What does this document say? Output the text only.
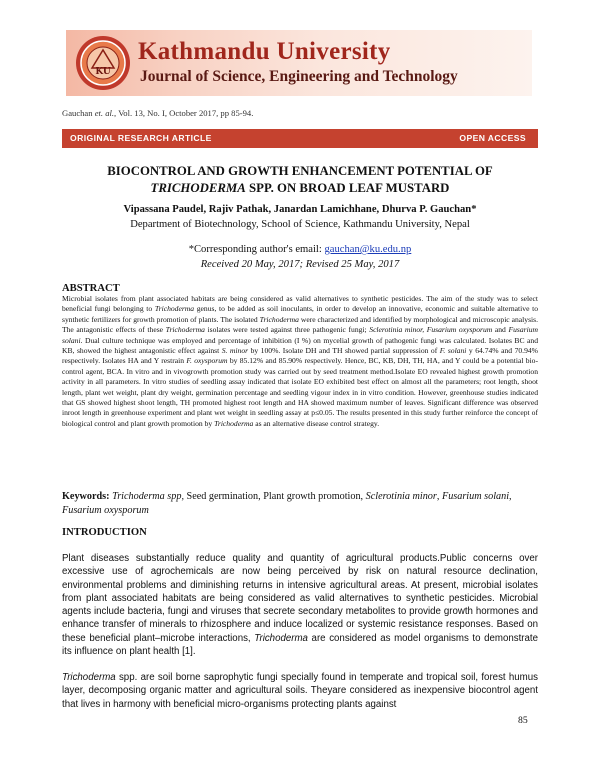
KU
Kathmandu University
Journal of Science, Engineering and Technology
Gauchan et. al., Vol. 13, No. I, October 2017, pp 85-94.
ORIGINAL RESEARCH ARTICLE	OPEN ACCESS
BIOCONTROL AND GROWTH ENHANCEMENT POTENTIAL OF
TRICHODERMA SPP. ON BROAD LEAF MUSTARD
Vipassana Paudel, Rajiv Pathak, Janardan Lamichhane, Dhurva P. Gauchan*
Department of Biotechnology, School of Science, Kathmandu University, Nepal
*Corresponding author's email: gauchan@ku.edu.np
Received 20 May, 2017; Revised 25 May, 2017
ABSTRACT
Microbial isolates from plant associated habitats are being considered as valid alternatives to synthetic pesticides. The aim of the study was to select beneficial fungi belonging to Trichoderma genus, to be added as soil inoculants, in order to develop an innovative, economic and suitable alternative to synthetic fertilizers for growth promotion of plants. The isolated Trichoderma were characterized and identified by morphological and microscopic analysis. The antagonistic effects of these Trichoderma isolates were tested against three pathogenic fungi; Sclerotinia minor, Fusarium oxysporum and Fusarium solani. Dual culture technique was employed and percentage of inhibition (I %) on mycelial growth of pathogenic fungi was calculated. Isolates BC and KB, showed the highest antagonistic effect against S. minor by 100%. Isolate DH and TH showed partial suppression of F. solani y 64.74% and 70.94% respectively. Isolates HA and Y restrain F. oxysporum by 85.12% and 85.90% respectively. Hence, BC, KB, DH, TH, HA, and Y could be a potential bio-control agent, BCA. In vitro and in vivogrowth promotion study was carried out by seed treatment method.Isolate EO revealed highest growth promotion activity in all parameters. In vitro studies of seedling assay indicated that isolate EO exhibited best effect on almost all the parameters; root length, shoot length, plant wet weight, plant dry weight, germination percentage and seedling vigour index in in vitro condition. However, greenhouse studies indicated that GS showed highest shoot length, TH promoted highest root length and HA showed maximum number of leaves. Significant difference was observed inroot length in greenhouse experiment and plant wet weight in seedling assay at p≤0.05. The results presented in this study further reinforce the concept of biological control and plant growth promotion by Trichoderma as an alternative disease control strategy.
Keywords: Trichoderma spp, Seed germination, Plant growth promotion, Sclerotinia minor, Fusarium solani, Fusarium oxysporum
INTRODUCTION
Plant diseases substantially reduce quality and quantity of agricultural products.Public concerns over excessive use of agrochemicals are now being perceived by risk on natural resource declination, environmental problems and diminishing returns in intensive agricultural areas. At present, microbial isolates from plant associated habitats are being considered as valid alternatives to synthetic pesticides. Microbial agents include bacteria, fungi and viruses that secrete secondary metabolites to provide growth hormones and enhance transfer of minerals to rhizosphere and induce localized or systemic resistance responses. Based on these beneficial plant–microbe interactions, Trichoderma are considered as model organisms to demonstrate its influence on plant health [1].
Trichoderma spp. are soil borne saprophytic fungi specially found in temperate and tropical soil, forest humus layer, decomposing organic matter and agricultural soils. Theyare considered as inexpensive biocontrol agent that lives in harmony with beneficial micro-organisms protecting plants against
85
